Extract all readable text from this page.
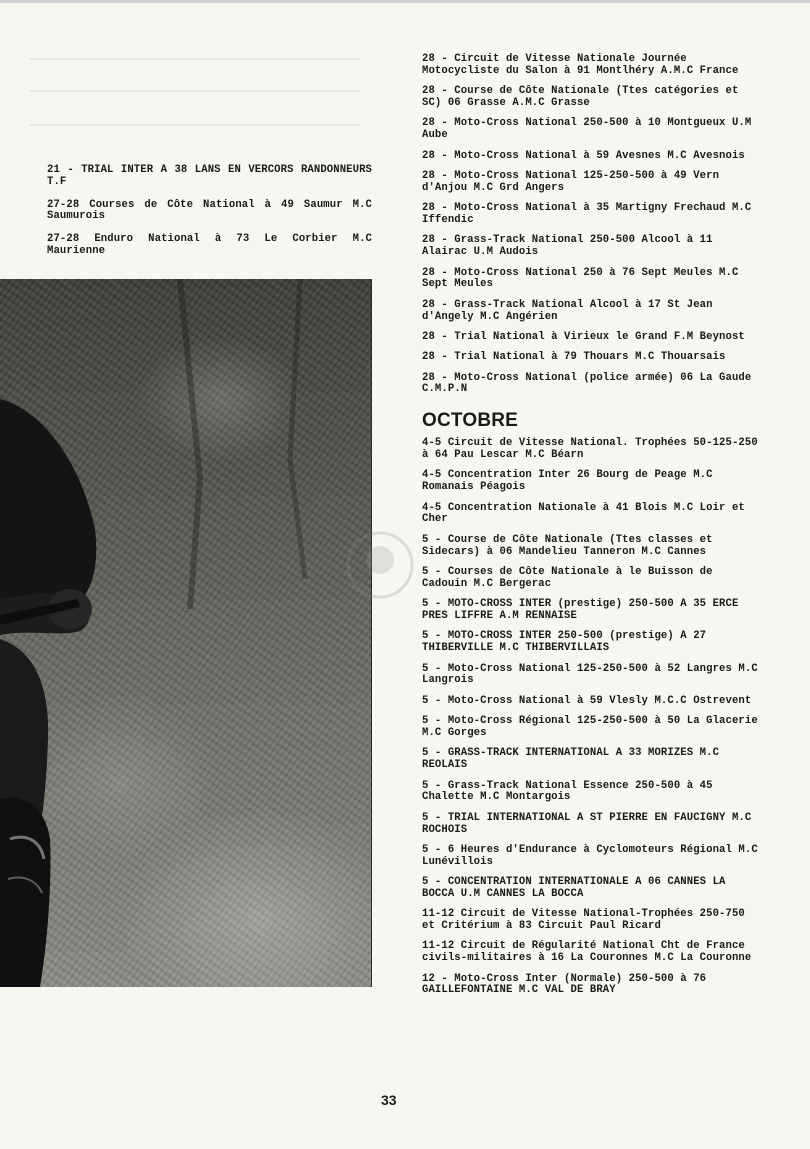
21 - TRIAL INTER A 38 LANS EN VERCORS RANDONNEURS T.F

27-28 Courses de Côte National à 49 Saumur M.C Saumurois

27-28 Enduro National à 73 Le Corbier M.C Maurienne

28 - Circuit de Vitesse Nationale Journée Motocycliste du Salon à 91 Montlhéry A.M.C France

28 - Course de Côte Nationale (Ttes catégories et SC) 06 Grasse A.M.C Grasse

28 - Moto-Cross National 250-500 à 10 Montgueux U.M Aube

28 - Moto-Cross National à 59 Avesnes M.C Avesnois

28 - Moto-Cross National 125-250-500 à 49 Vern d'Anjou M.C Grd Angers

28 - Moto-Cross National à 35 Martigny Frechaud M.C Iffendic

28 - Grass-Track National 250-500 Alcool à 11 Alairac U.M Audois

28 - Moto-Cross National 250 à 76 Sept Meules M.C Sept Meules

28 - Grass-Track National Alcool à 17 St Jean d'Angely M.C Angérien

28 - Trial National à Virieux le Grand F.M Beynost

28 - Trial National à 79 Thouars M.C Thouarsais

28 - Moto-Cross National (police armée) 06 La Gaude C.M.P.N

OCTOBRE

4-5 Circuit de Vitesse National. Trophées 50-125-250 à 64 Pau Lescar M.C Béarn

4-5 Concentration Inter 26 Bourg de Peage M.C Romanais Péagois

4-5 Concentration Nationale à 41 Blois M.C Loir et Cher

5 - Course de Côte Nationale (Ttes classes et Sidecars) à 06 Mandelieu Tanneron M.C Cannes

5 - Courses de Côte Nationale à le Buisson de Cadouin M.C Bergerac

5 - MOTO-CROSS INTER (prestige) 250-500 A 35 ERCE PRES LIFFRE A.M RENNAISE

5 - MOTO-CROSS INTER 250-500 (prestige) A 27 THIBERVILLE M.C THIBERVILLAIS

5 - Moto-Cross National 125-250-500 à 52 Langres M.C Langrois

5 - Moto-Cross National à 59 Vlesly M.C.C Ostrevent

5 - Moto-Cross Régional 125-250-500 à 50 La Glacerie M.C Gorges

5 - GRASS-TRACK INTERNATIONAL A 33 MORIZES M.C REOLAIS

5 - Grass-Track National Essence 250-500 à 45 Chalette M.C Montargois

5 - TRIAL INTERNATIONAL A ST PIERRE EN FAUCIGNY M.C ROCHOIS

5 - 6 Heures d'Endurance à Cyclomoteurs Régional M.C Lunévillois

5 - CONCENTRATION INTERNATIONALE A 06 CANNES LA BOCCA U.M CANNES LA BOCCA

11-12 Circuit de Vitesse National-Trophées 250-750 et Critérium à 83 Circuit Paul Ricard

11-12 Circuit de Régularité National Cht de France civils-militaires à 16 La Couronnes M.C La Couronne

12 - Moto-Cross Inter (Normale) 250-500 à 76 GAILLEFONTAINE M.C VAL DE BRAY

33
